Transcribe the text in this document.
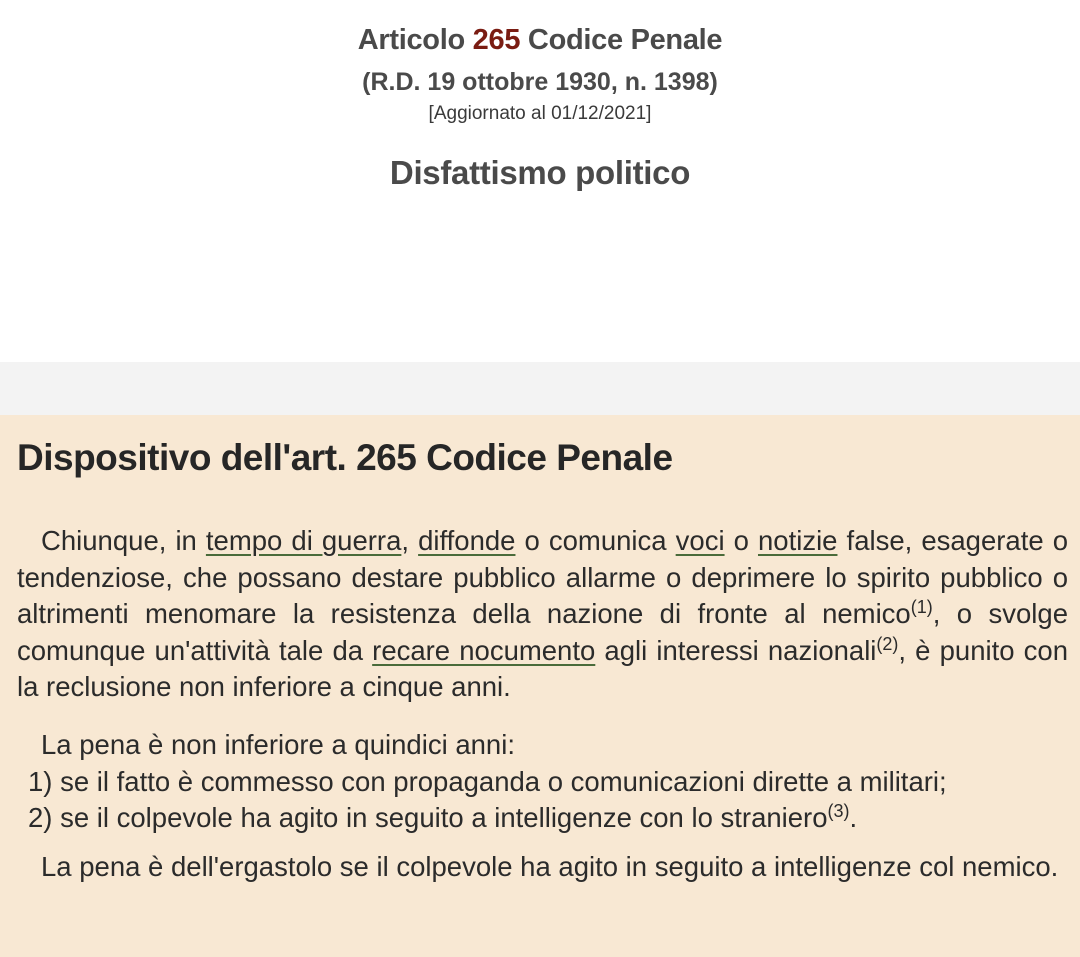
Articolo 265 Codice Penale
(R.D. 19 ottobre 1930, n. 1398)
[Aggiornato al 01/12/2021]
Disfattismo politico
Dispositivo dell'art. 265 Codice Penale
Chiunque, in tempo di guerra, diffonde o comunica voci o notizie false, esagerate o tendenziose, che possano destare pubblico allarme o deprimere lo spirito pubblico o altrimenti menomare la resistenza della nazione di fronte al nemico$^{(1)}$, o svolge comunque un'attività tale da recare nocumento agli interessi nazionali$^{(2)}$, è punito con la reclusione non inferiore a cinque anni.
La pena è non inferiore a quindici anni:
1) se il fatto è commesso con propaganda o comunicazioni dirette a militari;
2) se il colpevole ha agito in seguito a intelligenze con lo straniero$^{(3)}$.
La pena è dell'ergastolo se il colpevole ha agito in seguito a intelligenze col nemico.
